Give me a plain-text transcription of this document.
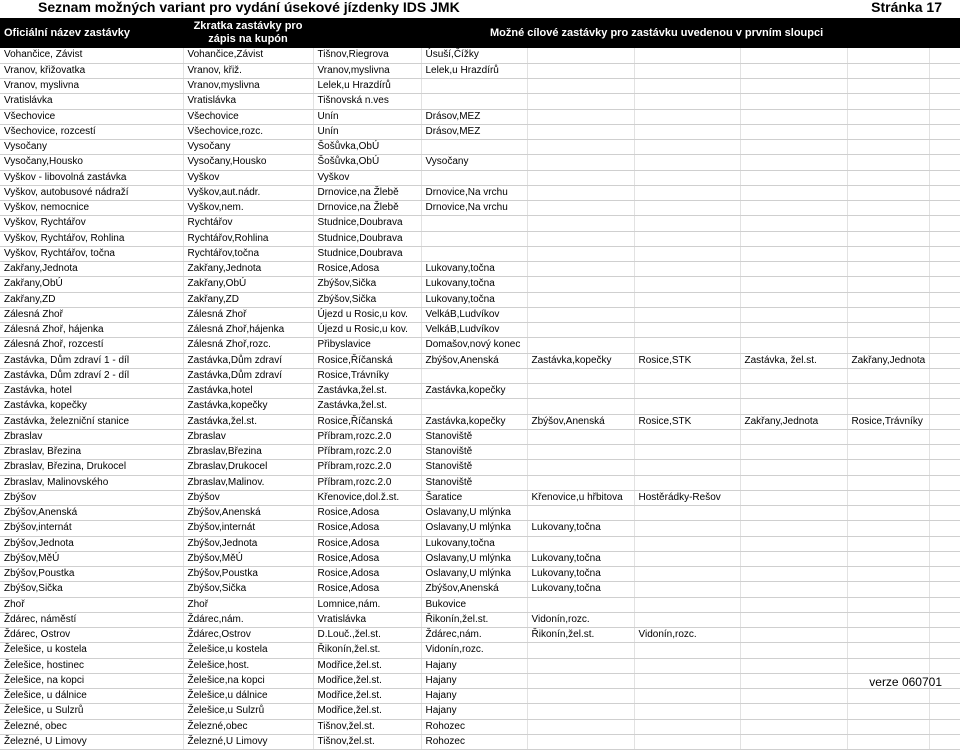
Seznam možných variant pro vydání úsekové jízdenky IDS JMK	Stránka 17
Oficiální název zastávky
Zkratka zastávky pro zápis na kupón	Možné cílové zastávky pro zastávku uvedenou v prvním sloupci
Vohančice, Závist	Vohančice,Závist	Tišnov,Riegrova	Úsuší,Čížky					
Vranov, křižovatka	Vranov, křiž.	Vranov,myslivna	Lelek,u Hrazdírů					
Vranov, myslivna	Vranov,myslivna	Lelek,u Hrazdírů						
Vratislávka	Vratislávka	Tišnovská n.ves						
Všechovice	Všechovice	Unín	Drásov,MEZ					
Všechovice, rozcestí	Všechovice,rozc.	Unín	Drásov,MEZ					
Vysočany	Vysočany	Šošůvka,ObÚ						
Vysočany,Housko	Vysočany,Housko	Šošůvka,ObÚ	Vysočany					
Vyškov - libovolná zastávka	Vyškov	Vyškov						
Vyškov, autobusové nádraží	Vyškov,aut.nádr.	Drnovice,na Žlebě	Drnovice,Na vrchu					
Vyškov, nemocnice	Vyškov,nem.	Drnovice,na Žlebě	Drnovice,Na vrchu					
Vyškov, Rychtářov	Rychtářov	Studnice,Doubrava						
Vyškov, Rychtářov, Rohlina	Rychtářov,Rohlina	Studnice,Doubrava						
Vyškov, Rychtářov, točna	Rychtářov,točna	Studnice,Doubrava						
Zakřany,Jednota	Zakřany,Jednota	Rosice,Adosa	Lukovany,točna					
Zakřany,ObÚ	Zakřany,ObÚ	Zbýšov,Sička	Lukovany,točna					
Zakřany,ZD	Zakřany,ZD	Zbýšov,Sička	Lukovany,točna					
Zálesná Zhoř	Zálesná Zhoř	Újezd u Rosic,u kov.	VelkáB,Ludvíkov					
Zálesná Zhoř, hájenka	Zálesná Zhoř,hájenka	Újezd u Rosic,u kov.	VelkáB,Ludvíkov					
Zálesná Zhoř, rozcestí	Zálesná Zhoř,rozc.	Přibyslavice	Domašov,nový konec					
Zastávka, Dům zdraví 1 - díl	Zastávka,Dům zdraví	Rosice,Říčanská	Zbýšov,Anenská	Zastávka,kopečky	Rosice,STK	Zastávka, žel.st.	Zakřany,Jednota	
Zastávka, Dům zdraví 2 - díl	Zastávka,Dům zdraví	Rosice,Trávníky						
Zastávka, hotel	Zastávka,hotel	Zastávka,žel.st.	Zastávka,kopečky					
Zastávka, kopečky	Zastávka,kopečky	Zastávka,žel.st.						
Zastávka, železniční stanice	Zastávka,žel.st.	Rosice,Říčanská	Zastávka,kopečky	Zbýšov,Anenská	Rosice,STK	Zakřany,Jednota	Rosice,Trávníky	
Zbraslav	Zbraslav	Příbram,rozc.2.0	Stanoviště					
Zbraslav, Březina	Zbraslav,Březina	Příbram,rozc.2.0	Stanoviště					
Zbraslav, Březina, Drukocel	Zbraslav,Drukocel	Příbram,rozc.2.0	Stanoviště					
Zbraslav, Malinovského	Zbraslav,Malinov.	Příbram,rozc.2.0	Stanoviště					
Zbýšov	Zbýšov	Křenovice,dol.ž.st.	Šaratice	Křenovice,u hřbitova	Hostěrádky-Rešov			
Zbýšov,Anenská	Zbýšov,Anenská	Rosice,Adosa	Oslavany,U mlýnka					
Zbýšov,internát	Zbýšov,internát	Rosice,Adosa	Oslavany,U mlýnka	Lukovany,točna				
Zbýšov,Jednota	Zbýšov,Jednota	Rosice,Adosa	Lukovany,točna					
Zbýšov,MěÚ	Zbýšov,MěÚ	Rosice,Adosa	Oslavany,U mlýnka	Lukovany,točna				
Zbýšov,Poustka	Zbýšov,Poustka	Rosice,Adosa	Oslavany,U mlýnka	Lukovany,točna				
Zbýšov,Sička	Zbýšov,Sička	Rosice,Adosa	Zbýšov,Anenská	Lukovany,točna				
Zhoř	Zhoř	Lomnice,nám.	Bukovice					
Ždárec, náměstí	Ždárec,nám.	Vratislávka	Řikonín,žel.st.	Vidonín,rozc.				
Ždárec, Ostrov	Ždárec,Ostrov	D.Louč.,žel.st.	Ždárec,nám.	Řikonín,žel.st.	Vidonín,rozc.			
Želešice, u kostela	Želešice,u kostela	Řikonín,žel.st.	Vidonín,rozc.					
Želešice, hostinec	Želešice,host.	Modřice,žel.st.	Hajany					
Želešice, na kopci	Želešice,na kopci	Modřice,žel.st.	Hajany					
Želešice, u dálnice	Želešice,u dálnice	Modřice,žel.st.	Hajany					
Želešice, u Sulzrů	Želešice,u Sulzrů	Modřice,žel.st.	Hajany					
Železné, obec	Železné,obec	Tišnov,žel.st.	Rohozec					
Železné, U Limovy	Železné,U Limovy	Tišnov,žel.st.	Rohozec					
verze 060701
